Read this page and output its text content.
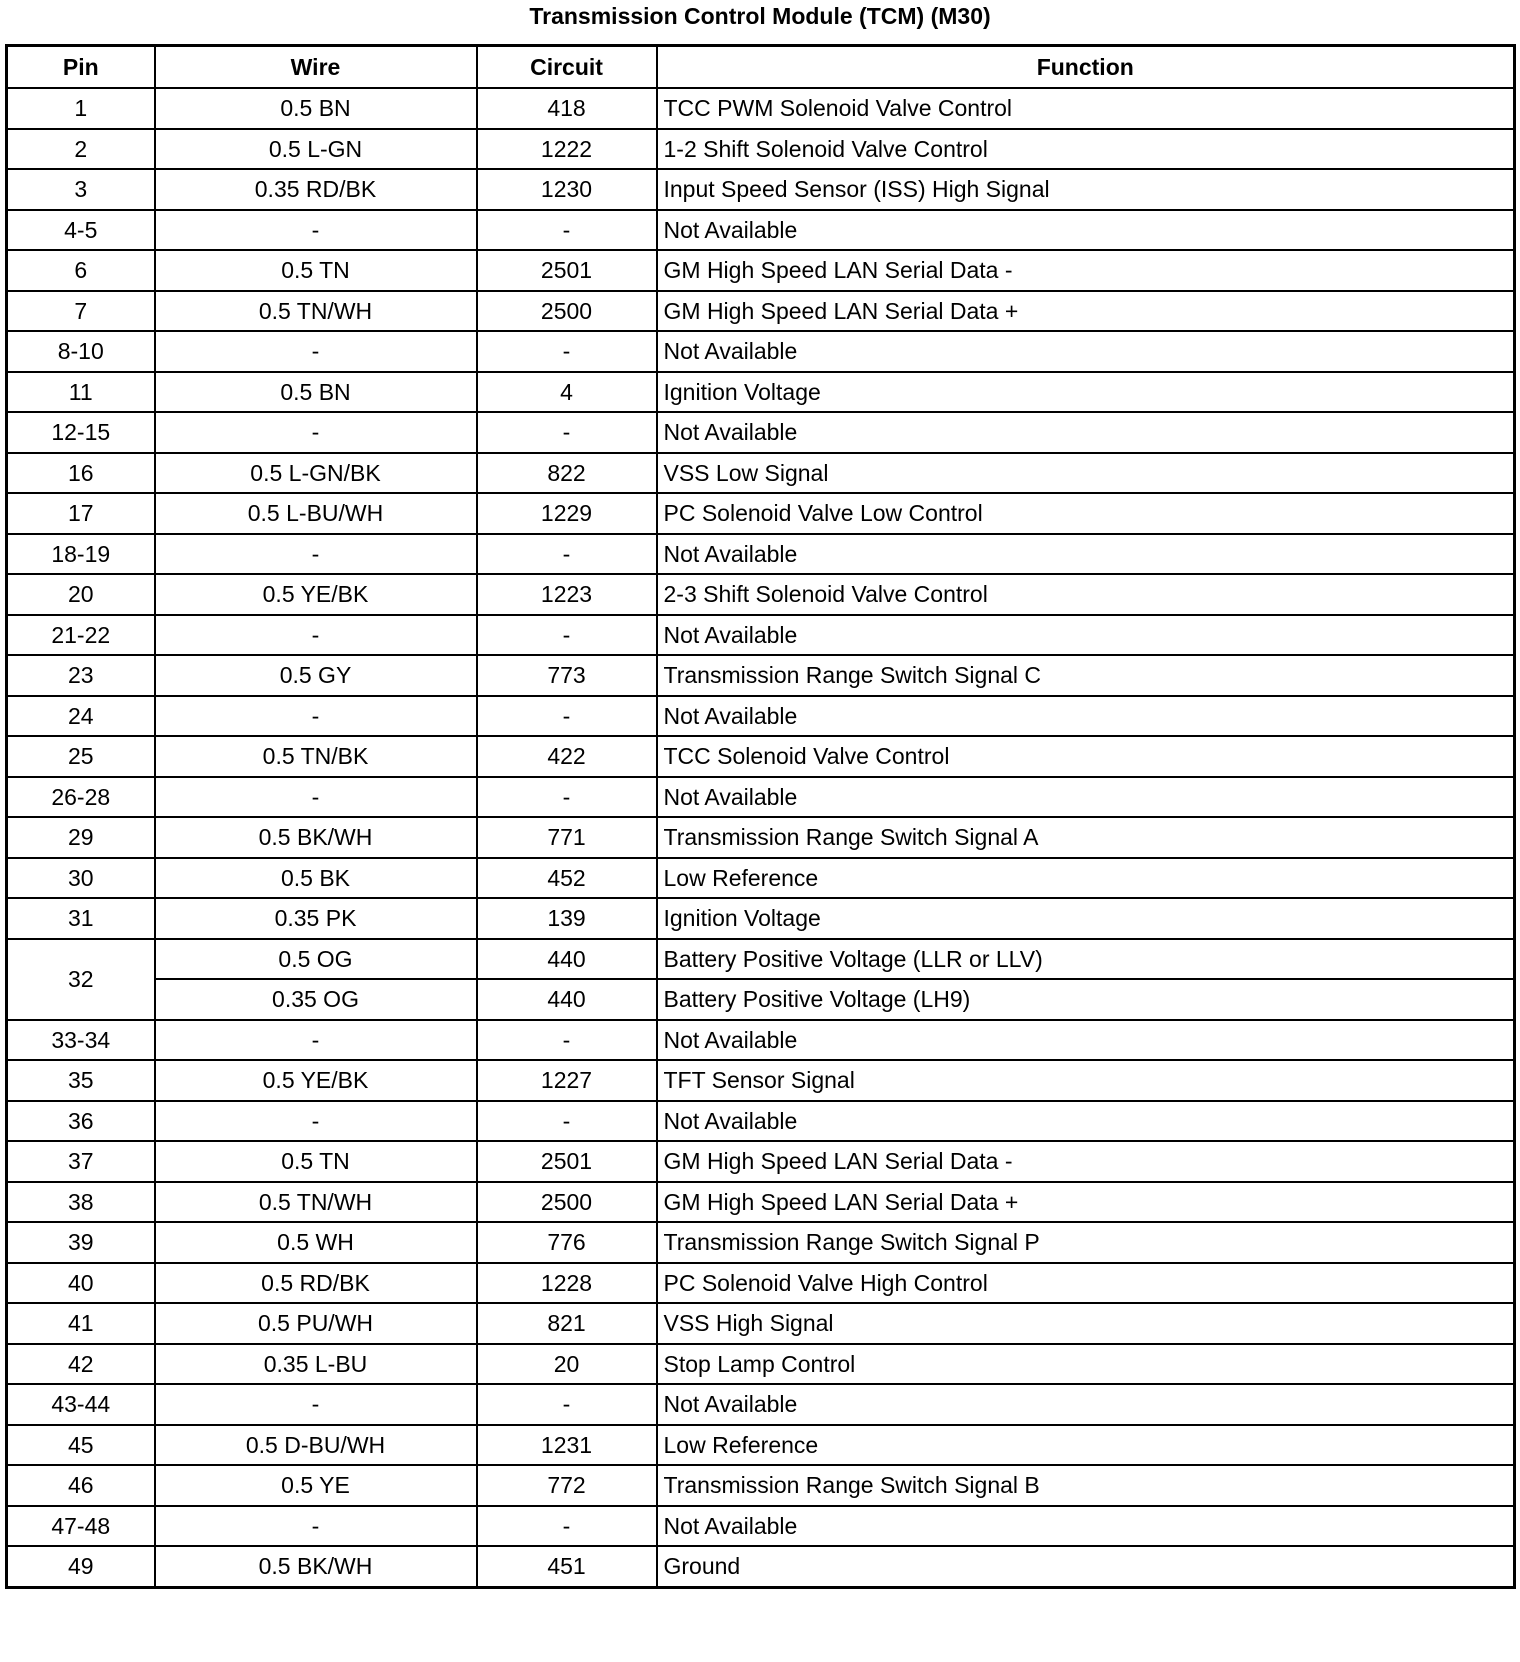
Transmission Control Module (TCM) (M30)
Pin	Wire	Circuit	Function
1	0.5 BN	418	TCC PWM Solenoid Valve Control
2	0.5 L-GN	1222	1-2 Shift Solenoid Valve Control
3	0.35 RD/BK	1230	Input Speed Sensor (ISS) High Signal
4-5	-	-	Not Available
6	0.5 TN	2501	GM High Speed LAN Serial Data -
7	0.5 TN/WH	2500	GM High Speed LAN Serial Data +
8-10	-	-	Not Available
11	0.5 BN	4	Ignition Voltage
12-15	-	-	Not Available
16	0.5 L-GN/BK	822	VSS Low Signal
17	0.5 L-BU/WH	1229	PC Solenoid Valve Low Control
18-19	-	-	Not Available
20	0.5 YE/BK	1223	2-3 Shift Solenoid Valve Control
21-22	-	-	Not Available
23	0.5 GY	773	Transmission Range Switch Signal C
24	-	-	Not Available
25	0.5 TN/BK	422	TCC Solenoid Valve Control
26-28	-	-	Not Available
29	0.5 BK/WH	771	Transmission Range Switch Signal A
30	0.5 BK	452	Low Reference
31	0.35 PK	139	Ignition Voltage
32	0.5 OG	440	Battery Positive Voltage (LLR or LLV)
	0.35 OG	440	Battery Positive Voltage (LH9)
33-34	-	-	Not Available
35	0.5 YE/BK	1227	TFT Sensor Signal
36	-	-	Not Available
37	0.5 TN	2501	GM High Speed LAN Serial Data -
38	0.5 TN/WH	2500	GM High Speed LAN Serial Data +
39	0.5 WH	776	Transmission Range Switch Signal P
40	0.5 RD/BK	1228	PC Solenoid Valve High Control
41	0.5 PU/WH	821	VSS High Signal
42	0.35 L-BU	20	Stop Lamp Control
43-44	-	-	Not Available
45	0.5 D-BU/WH	1231	Low Reference
46	0.5 YE	772	Transmission Range Switch Signal B
47-48	-	-	Not Available
49	0.5 BK/WH	451	Ground
